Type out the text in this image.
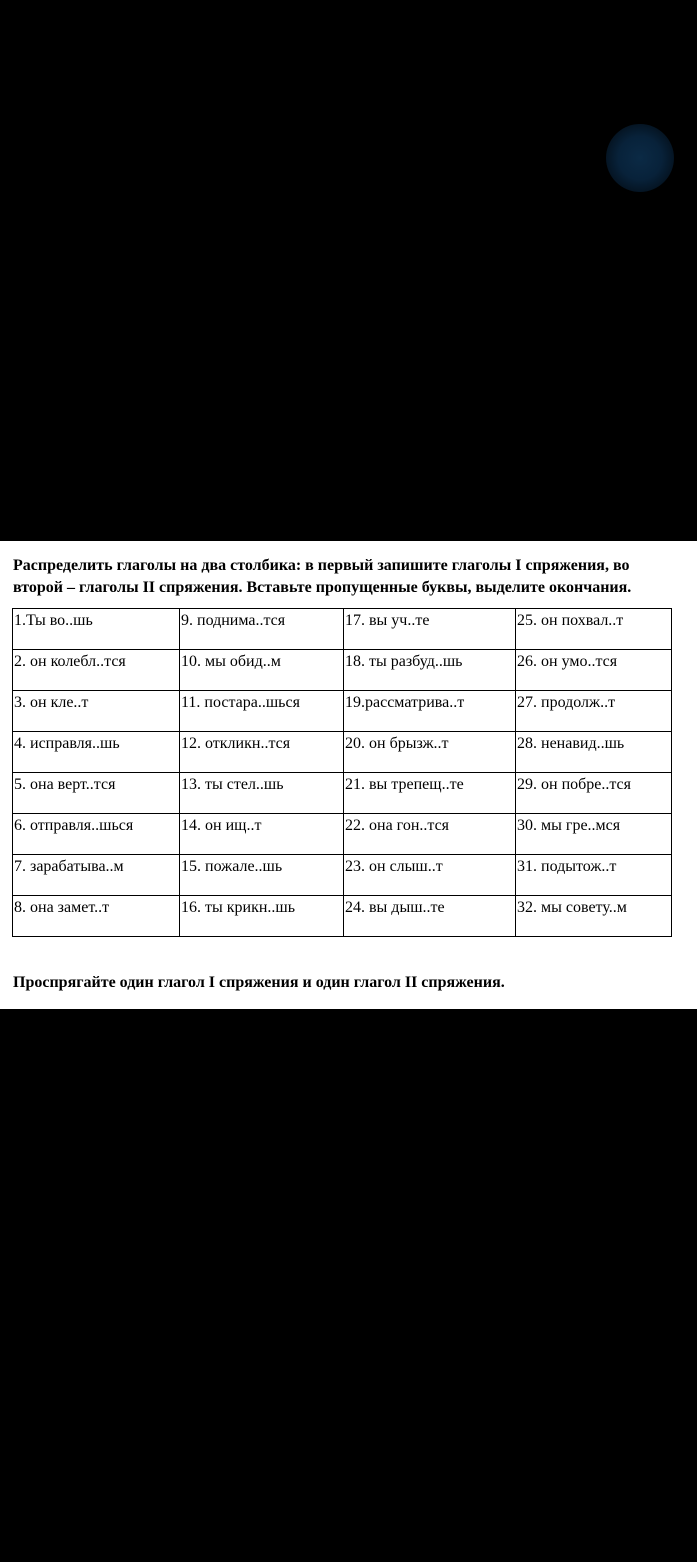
Распределить глаголы на два столбика: в первый запишите глаголы I спряжения, во
второй – глаголы II спряжения. Вставьте пропущенные буквы, выделите окончания.
1.Ты во..шь	9. поднима..тся	17. вы уч..те	25. он похвал..т
2. он колебл..тся	10. мы обид..м	18. ты разбуд..шь	26. он умо..тся
3. он кле..т	11. постара..шься	19.рассматрива..т	27. продолж..т
4. исправля..шь	12. откликн..тся	20. он брызж..т	28. ненавид..шь
5. она верт..тся	13. ты стел..шь	21. вы трепещ..те	29. он побре..тся
6. отправля..шься	14. он ищ..т	22. она гон..тся	30. мы гре..мся
7. зарабатыва..м	15. пожале..шь	23. он слыш..т	31. подытож..т
8. она замет..т	16. ты крикн..шь	24. вы дыш..те	32. мы совету..м
Проспрягайте один глагол I спряжения и один глагол II спряжения.
